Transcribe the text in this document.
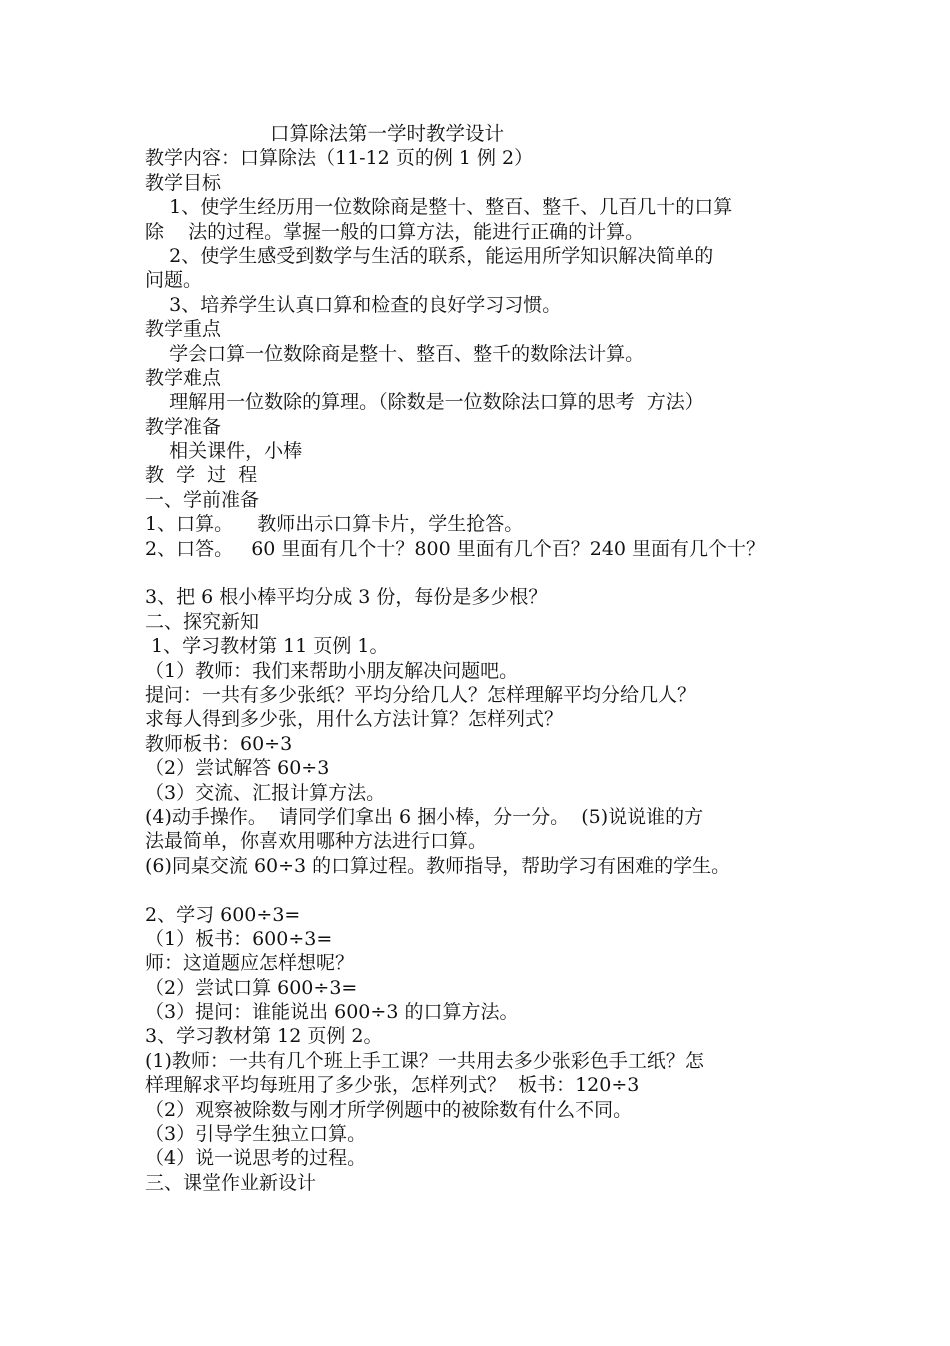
口算除法第一学时教学设计
教学内容：口算除法（11-12 页的例 1 例 2）
教学目标
1、使学生经历用一位数除商是整十、整百、整千、几百几十的口算
除    法的过程。掌握一般的口算方法，能进行正确的计算。
2、使学生感受到数学与生活的联系，能运用所学知识解决简单的
问题。
3、培养学生认真口算和检查的良好学习习惯。
教学重点
学会口算一位数除商是整十、整百、整千的数除法计算。
教学难点
理解用一位数除的算理。（除数是一位数除法口算的思考  方法）
教学准备
相关课件，小棒
教  学  过  程
一、学前准备
1、口算。    教师出示口算卡片，学生抢答。
2、口答。   60 里面有几个十？800 里面有几个百？240 里面有几个十？
3、把 6 根小棒平均分成 3 份，每份是多少根？
二、探究新知
1、学习教材第 11 页例 1。
（1）教师：我们来帮助小朋友解决问题吧。
提问：一共有多少张纸？平均分给几人？怎样理解平均分给几人？
求每人得到多少张，用什么方法计算？怎样列式？
教师板书：60÷3
（2）尝试解答 60÷3
（3）交流、汇报计算方法。
(4)动手操作。  请同学们拿出 6 捆小棒，分一分。  (5)说说谁的方
法最简单，你喜欢用哪种方法进行口算。
(6)同桌交流 60÷3 的口算过程。教师指导，帮助学习有困难的学生。
2、学习 600÷3=
（1）板书：600÷3=
师：这道题应怎样想呢？
（2）尝试口算 600÷3=
（3）提问：谁能说出 600÷3 的口算方法。
3、学习教材第 12 页例 2。
(1)教师：一共有几个班上手工课？一共用去多少张彩色手工纸？怎
样理解求平均每班用了多少张，怎样列式？  板书：120÷3
（2）观察被除数与刚才所学例题中的被除数有什么不同。
（3）引导学生独立口算。
（4）说一说思考的过程。
三、课堂作业新设计
